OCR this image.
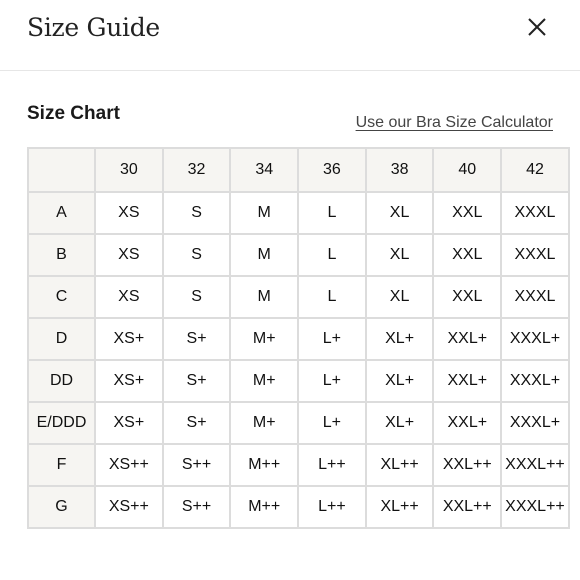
Size Guide
Size Chart	Use our Bra Size Calculator
	30	32	34	36	38	40	42
A	XS	S	M	L	XL	XXL	XXXL
B	XS	S	M	L	XL	XXL	XXXL
C	XS	S	M	L	XL	XXL	XXXL
D	XS+	S+	M+	L+	XL+	XXL+	XXXL+
DD	XS+	S+	M+	L+	XL+	XXL+	XXXL+
E/DDD	XS+	S+	M+	L+	XL+	XXL+	XXXL+
F	XS++	S++	M++	L++	XL++	XXL++	XXXL++
G	XS++	S++	M++	L++	XL++	XXL++	XXXL++
